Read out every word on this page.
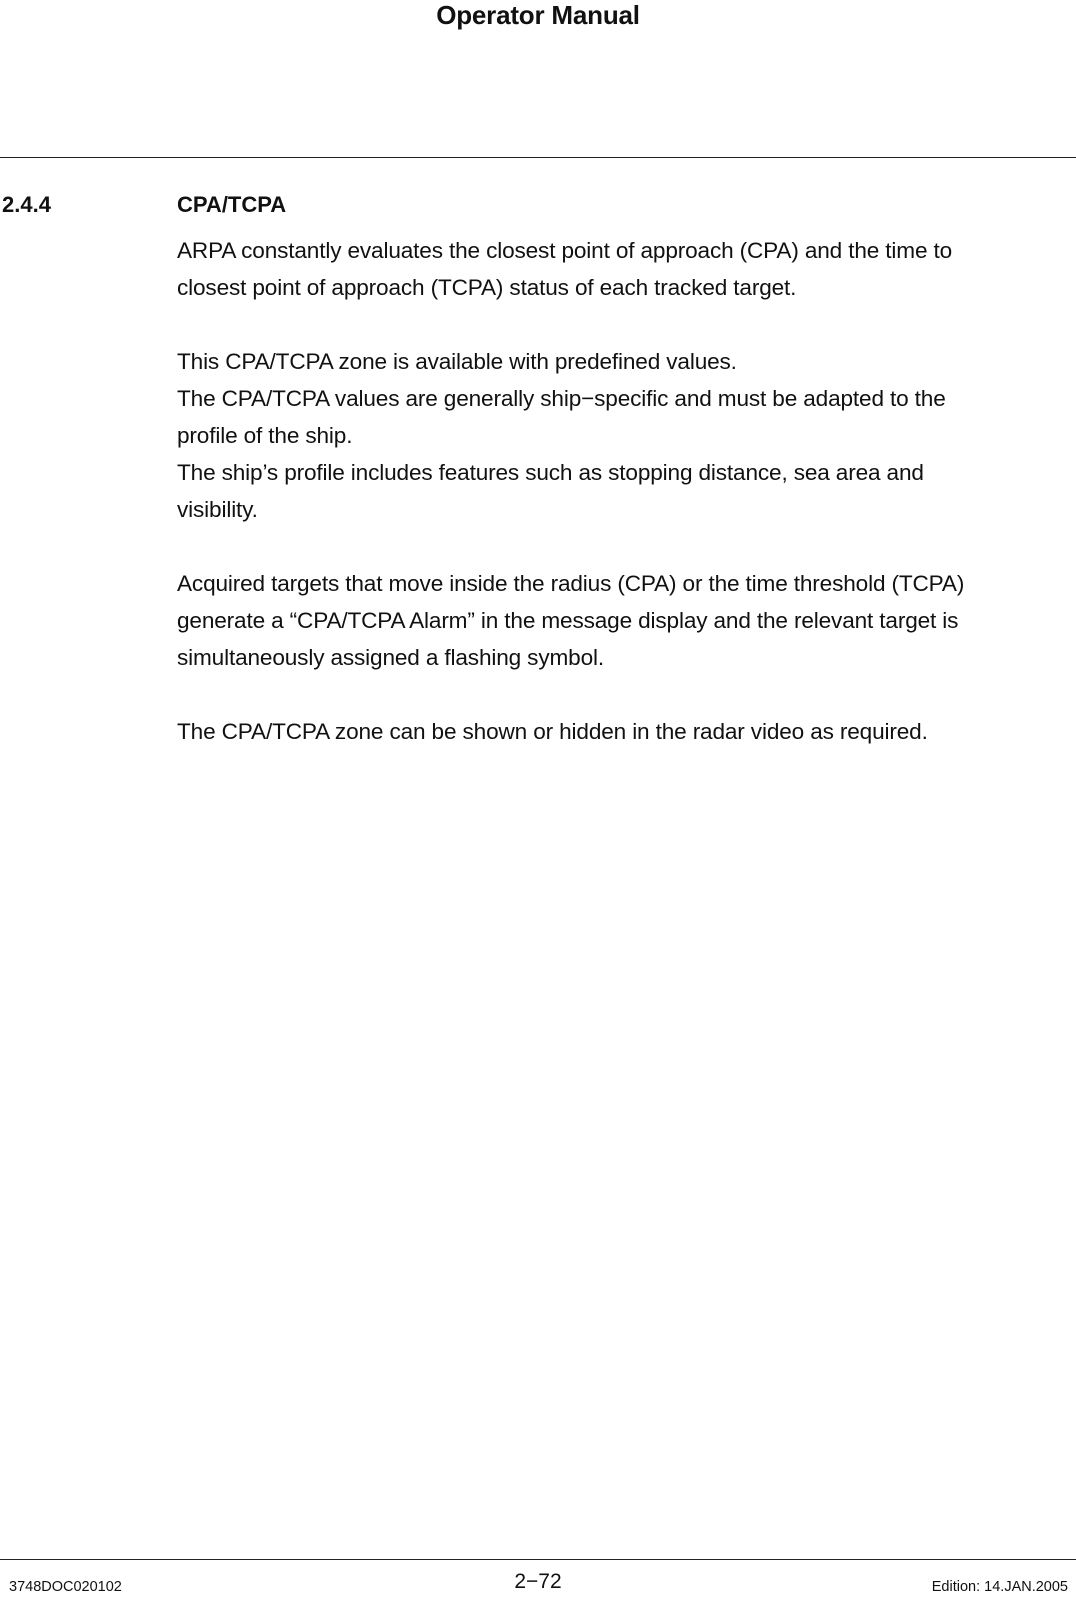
Operator Manual
2.4.4	CPA/TCPA

ARPA constantly evaluates the closest point of approach (CPA) and the time to
closest point of approach (TCPA) status of each tracked target.

This CPA/TCPA zone is available with predefined values.
The CPA/TCPA values are generally ship−specific and must be adapted to the
profile of the ship.
The ship’s profile includes features such as stopping distance, sea area and
visibility.

Acquired targets that move inside the radius (CPA) or the time threshold (TCPA)
generate a “CPA/TCPA Alarm” in the message display and the relevant target is
simultaneously assigned a flashing symbol.

The CPA/TCPA zone can be shown or hidden in the radar video as required.

3748DOC020102	2−72	Edition: 14.JAN.2005
